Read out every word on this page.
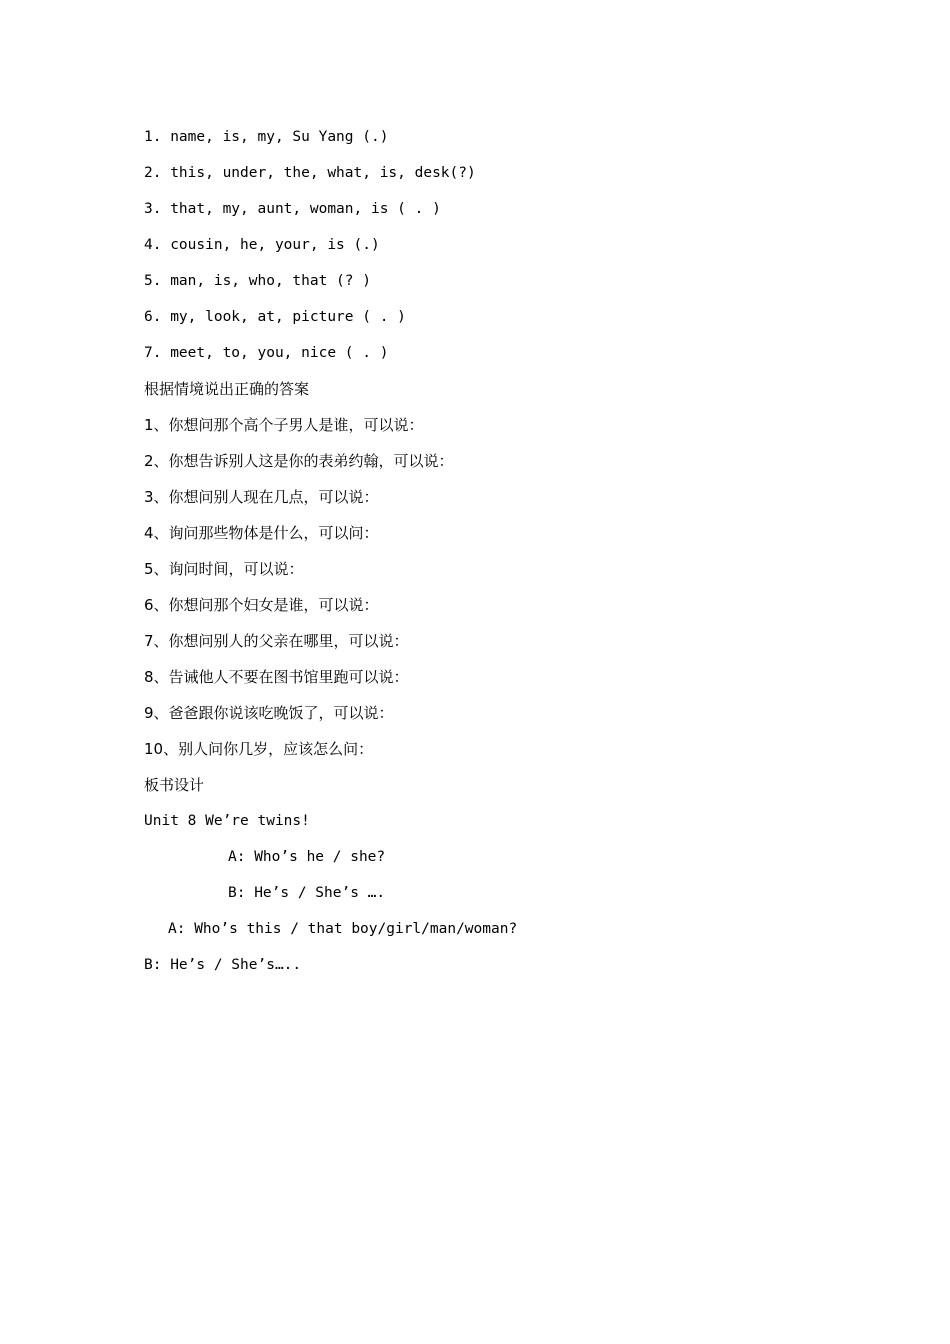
1. name, is, my, Su Yang (.)
2. this, under, the, what, is, desk(?)
3. that, my, aunt, woman, is ( . )
4. cousin, he, your, is (.)
5. man, is, who, that (? )
6. my, look, at, picture ( . )
7. meet, to, you, nice ( . )
根据情境说出正确的答案
1、你想问那个高个子男人是谁，可以说：
2、你想告诉别人这是你的表弟约翰，可以说：
3、你想问别人现在几点，可以说：
4、询问那些物体是什么，可以问：
5、询问时间，可以说：
6、你想问那个妇女是谁，可以说：
7、你想问别人的父亲在哪里，可以说：
8、告诫他人不要在图书馆里跑可以说：
9、爸爸跟你说该吃晚饭了，可以说：
10、别人问你几岁，应该怎么问：
板书设计
Unit 8 We’re twins!
A: Who’s he / she?
B: He’s / She’s ….
A: Who’s this / that boy/girl/man/woman?
B: He’s / She’s…..
